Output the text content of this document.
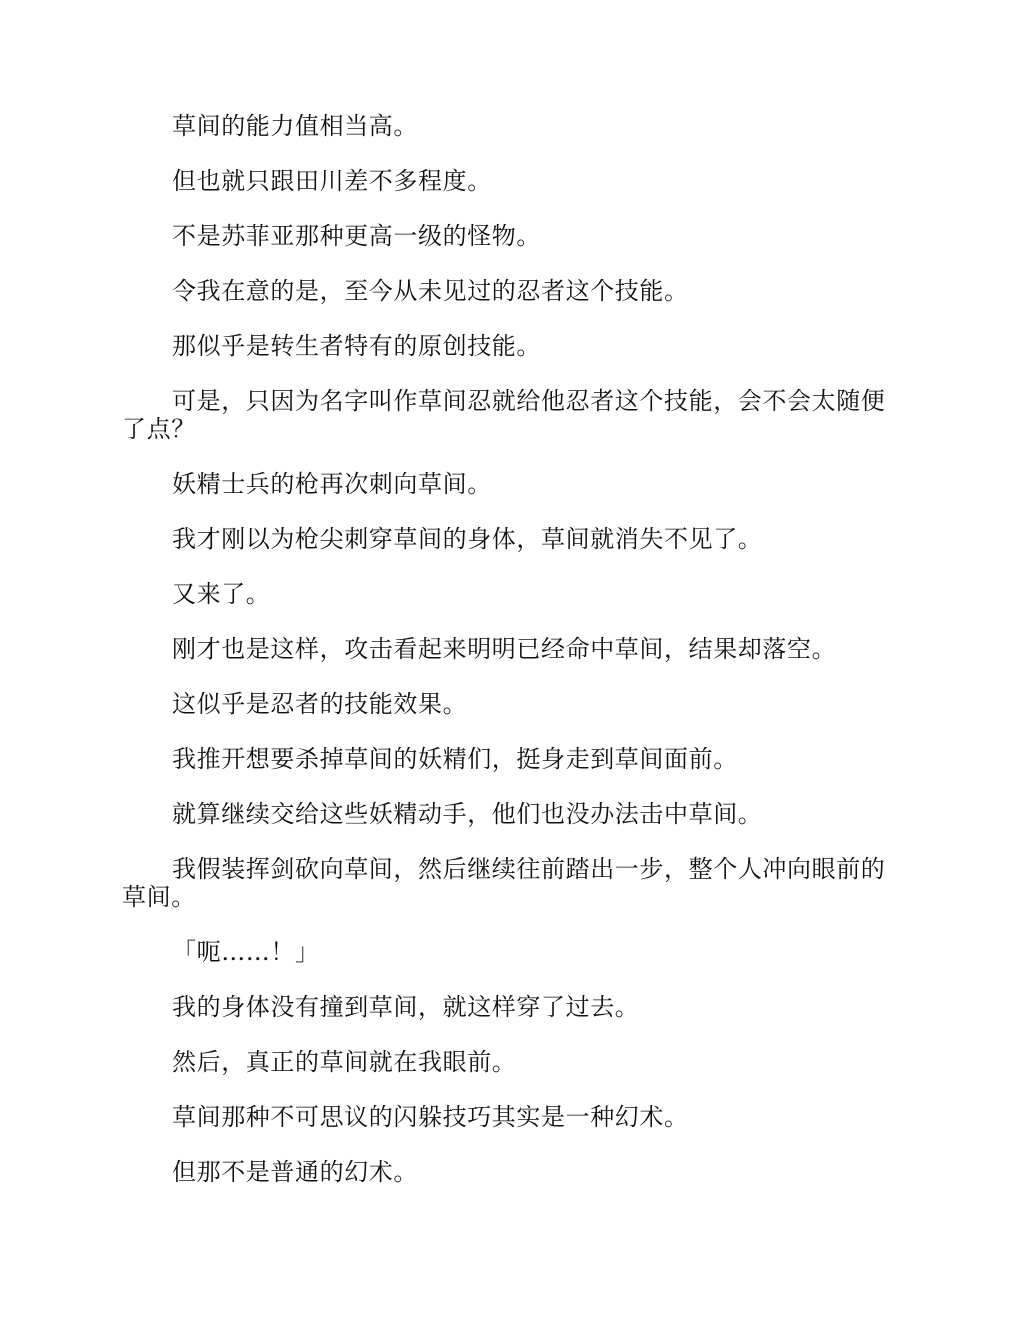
草间的能力值相当高。

但也就只跟田川差不多程度。

不是苏菲亚那种更高一级的怪物。

令我在意的是，至今从未见过的忍者这个技能。

那似乎是转生者特有的原创技能。

可是，只因为名字叫作草间忍就给他忍者这个技能，会不会太随便了点？

妖精士兵的枪再次刺向草间。

我才刚以为枪尖刺穿草间的身体，草间就消失不见了。

又来了。

刚才也是这样，攻击看起来明明已经命中草间，结果却落空。

这似乎是忍者的技能效果。

我推开想要杀掉草间的妖精们，挺身走到草间面前。

就算继续交给这些妖精动手，他们也没办法击中草间。

我假装挥剑砍向草间，然后继续往前踏出一步，整个人冲向眼前的草间。

「呃……！」

我的身体没有撞到草间，就这样穿了过去。

然后，真正的草间就在我眼前。

草间那种不可思议的闪躲技巧其实是一种幻术。

但那不是普通的幻术。
